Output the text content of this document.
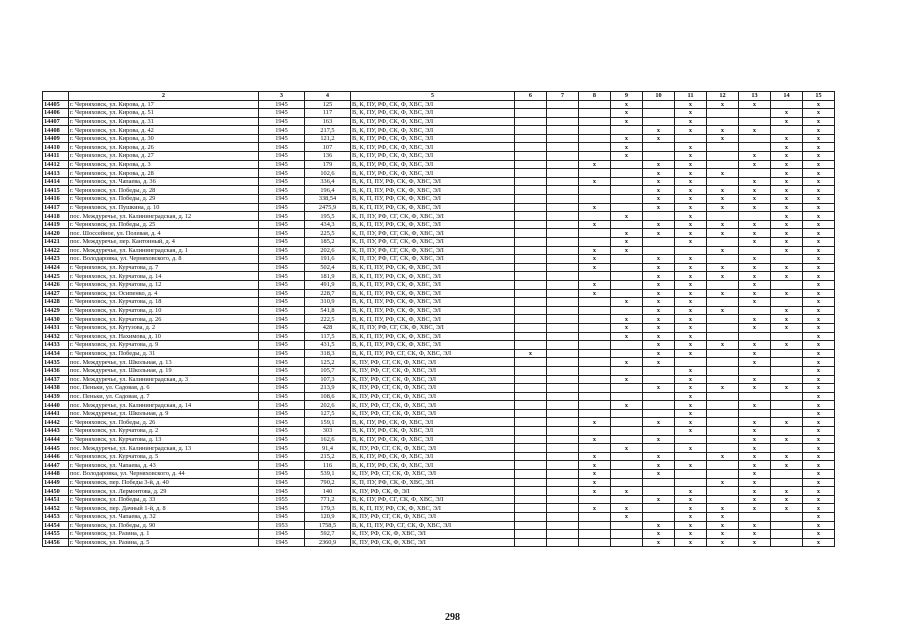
	2	3	4	5	6	7	8	9	10	11	12	13	14	15
14405	г. Черняховск, ул. Кирова, д. 17	1945	125	В, К, ПУ, РФ, СК, Ф, ХВС, ЭЛ				x		x	x	x		x
14406	г. Черняховск, ул. Кирова, д. 51	1945	117	В, К, ПУ, РФ, СК, Ф, ХВС, ЭЛ				x		x			x	x
14407	г. Черняховск, ул. Кирова, д. 31	1945	163	В, К, ПУ, РФ, СК, Ф, ХВС, ЭЛ				x		x			x	x
14408	г. Черняховск, ул. Кирова, д. 42	1945	217,5	В, К, ПУ, РФ, СК, Ф, ХВС, ЭЛ					x	x	x	x		x
14409	г. Черняховск, ул. Кирова, д. 30	1945	121,2	В, К, ПУ, РФ, СК, Ф, ХВС, ЭЛ				x	x		x		x	x
14410	г. Черняховск, ул. Кирова, д. 26	1945	107	В, К, ПУ, РФ, СК, Ф, ХВС, ЭЛ				x		x			x	x
14411	г. Черняховск, ул. Кирова, д. 27	1945	136	В, К, ПУ, РФ, СК, Ф, ХВС, ЭЛ				x		x		x	x	x
14412	г. Черняховск, ул. Кирова, д. 3	1945	179	В, К, ПУ, РФ, СК, Ф, ХВС, ЭЛ			x		x	x		x	x	x
14413	г. Черняховск, ул. Кирова, д. 28	1945	102,6	В, К, ПУ, РФ, СК, Ф, ХВС, ЭЛ					x	x	x		x	x
14414	г. Черняховск, ул. Чапаева, д. 36	1945	336,4	В, К, П, ПУ, РФ, СК, Ф, ХВС, ЭЛ			x		x	x		x	x	x
14415	г. Черняховск, ул. Победы, д. 28	1945	196,4	В, К, П, ПУ, РФ, СК, Ф, ХВС, ЭЛ					x	x	x	x	x	x
14416	г. Черняховск, ул. Победы, д. 29	1945	338,54	В, К, П, ПУ, РФ, СК, Ф, ХВС, ЭЛ					x	x	x	x	x	x
14417	г. Черняховск, ул. Пушкина, д. 10	1945	2475,9	В, К, П, ПУ, РФ, СК, Ф, ХВС, ЭЛ			x		x	x	x	x	x	x
14418	пос. Междуречье, ул. Калининградская, д. 12	1945	195,5	К, П, ПУ, РФ, СГ, СК, Ф, ХВС, ЭЛ				x		x			x	x
14419	г. Черняховск, ул. Победы, д. 25	1945	434,3	В, К, П, ПУ, РФ, СК, Ф, ХВС, ЭЛ			x		x	x	x	x	x	x
14420	пос. Шоссейное, ул. Полевая, д. 4	1945	225,5	К, П, ПУ, РФ, СГ, СК, Ф, ХВС, ЭЛ				x	x	x	x	x	x	x
14421	пос. Междуречье, пер. Кантонный, д. 4	1945	185,2	К, П, ПУ, РФ, СГ, СК, Ф, ХВС, ЭЛ				x		x		x	x	x
14422	пос. Междуречье, ул. Калининградская, д. 1	1945	202,6	К, П, ПУ, РФ, СГ, СК, Ф, ХВС, ЭЛ			x	x			x		x	x
14423	пос. Володаровка, ул. Черняховского, д. 8	1945	191,6	К, П, ПУ, РФ, СГ, СК, Ф, ХВС, ЭЛ			x		x	x		x		x
14424	г. Черняховск, ул. Курчатова, д. 7	1945	502,4	В, К, П, ПУ, РФ, СК, Ф, ХВС, ЭЛ			x		x	x	x	x	x	x
14425	г. Черняховск, ул. Курчатова, д. 14	1945	181,9	В, К, П, ПУ, РФ, СК, Ф, ХВС, ЭЛ					x	x	x	x	x	x
14426	г. Черняховск, ул. Курчатова, д. 12	1945	491,9	В, К, П, ПУ, РФ, СК, Ф, ХВС, ЭЛ			x		x	x		x		x
14427	г. Черняховск, ул. Осипенко, д. 4	1945	228,7	В, К, П, ПУ, РФ, СК, Ф, ХВС, ЭЛ			x		x	x	x	x	x	x
14428	г. Черняховск, ул. Курчатова, д. 18	1945	310,9	В, К, П, ПУ, РФ, СК, Ф, ХВС, ЭЛ				x	x	x		x		x
14429	г. Черняховск, ул. Курчатова, д. 10	1945	541,8	В, К, П, ПУ, РФ, СК, Ф, ХВС, ЭЛ					x	x	x		x	x
14430	г. Черняховск, ул. Курчатова, д. 26	1945	222,5	В, К, П, ПУ, РФ, СК, Ф, ХВС, ЭЛ				x	x	x		x	x	x
14431	г. Черняховск, ул. Кутузова, д. 2	1945	428	К, П, ПУ, РФ, СГ, СК, Ф, ХВС, ЭЛ				x	x	x		x	x	x
14432	г. Черняховск, ул. Нахимова, д. 10	1945	117,5	В, К, П, ПУ, РФ, СК, Ф, ХВС, ЭЛ				x	x	x				x
14433	г. Черняховск, ул. Курчатова, д. 9	1945	431,5	В, К, П, ПУ, РФ, СК, Ф, ХВС, ЭЛ					x	x	x	x	x	x
14434	г. Черняховск, ул. Победы, д. 31	1945	318,3	В, К, П, ПУ, РФ, СГ, СК, Ф, ХВС, ЭЛ	x				x	x		x		x
14435	пос. Междуречье, ул. Школьная, д. 13	1945	125,2	К, ПУ, РФ, СГ, СК, Ф, ХВС, ЭЛ				x	x			x		x
14436	пос. Междуречье, ул. Школьная, д. 19	1945	105,7	К, ПУ, РФ, СГ, СК, Ф, ХВС, ЭЛ						x				x
14437	пос. Междуречье, ул. Калининградская, д. 3	1945	107,3	К, ПУ, РФ, СГ, СК, Ф, ХВС, ЭЛ				x		x		x		x
14438	пос. Пеньки, ул. Садовая, д. 6	1945	213,9	К, ПУ, РФ, СГ, СК, Ф, ХВС, ЭЛ					x	x	x	x	x	x
14439	пос. Пеньки, ул. Садовая, д. 7	1945	108,6	К, ПУ, РФ, СГ, СК, Ф, ХВС, ЭЛ						x				x
14440	пос. Междуречье, ул. Калининградская, д. 14	1945	202,6	К, ПУ, РФ, СГ, СК, Ф, ХВС, ЭЛ				x		x		x		x
14441	пос. Междуречье, ул. Школьная, д. 9	1945	127,5	К, ПУ, РФ, СГ, СК, Ф, ХВС, ЭЛ						x				x
14442	г. Черняховск, ул. Победы, д. 26	1945	159,1	В, К, ПУ, РФ, СК, Ф, ХВС, ЭЛ			x		x	x		x	x	x
14443	г. Черняховск, ул. Курчатова, д. 2	1945	303	В, К, ПУ, РФ, СК, Ф, ХВС, ЭЛ						x		x		x
14444	г. Черняховск, ул. Курчатова, д. 13	1945	162,6	В, К, ПУ, РФ, СК, Ф, ХВС, ЭЛ			x		x			x	x	x
14445	пос. Междуречье, ул. Калининградская, д. 13	1945	91,4	К, ПУ, РФ, СГ, СК, Ф, ХВС, ЭЛ				x		x		x		x
14446	г. Черняховск, ул. Курчатова, д. 5	1945	215,2	В, К, ПУ, РФ, СК, Ф, ХВС, ЭЛ			x		x		x	x	x	x
14447	г. Черняховск, ул. Чапаева, д. 43	1945	116	В, К, ПУ, РФ, СК, Ф, ХВС, ЭЛ			x		x	x		x	x	x
14448	пос. Володаровка, ул. Черняховского, д. 44	1945	539,1	К, ПУ, РФ, СГ, СК, Ф, ХВС, ЭЛ			x		x			x		x
14449	г. Черняховск, пер. Победы 3-й, д. 40	1945	790,2	К, П, ПУ, РФ, СК, Ф, ХВС, ЭЛ			x				x	x		x
14450	г. Черняховск, ул. Лермонтова, д. 29	1945	140	К, ПУ, РФ, СК, Ф, ЭЛ			x	x		x		x	x	x
14451	г. Черняховск, ул. Победы, д. 33	1955	771,2	В, К, ПУ, РФ, СГ, СК, Ф, ХВС, ЭЛ					x	x		x	x	x
14452	г. Черняховск, пер. Дачный 1-й, д. 8	1945	179,3	В, К, П, ПУ, РФ, СК, Ф, ХВС, ЭЛ			x	x		x	x	x	x	x
14453	г. Черняховск, ул. Чапаева, д. 32	1945	120,9	К, ПУ, РФ, СГ, СК, Ф, ХВС, ЭЛ				x		x	x			x
14454	г. Черняховск, ул. Победы, д. 90	1953	1758,5	В, К, П, ПУ, РФ, СГ, СК, Ф, ХВС, ЭЛ					x	x	x	x		x
14455	г. Черняховск, ул. Разина, д. 1	1945	592,7	К, ПУ, РФ, СК, Ф, ХВС, ЭЛ					x	x	x	x		x
14456	г. Черняховск, ул. Разина, д. 5	1945	2360,9	К, ПУ, РФ, СК, Ф, ХВС, ЭЛ					x	x	x	x		x
298
